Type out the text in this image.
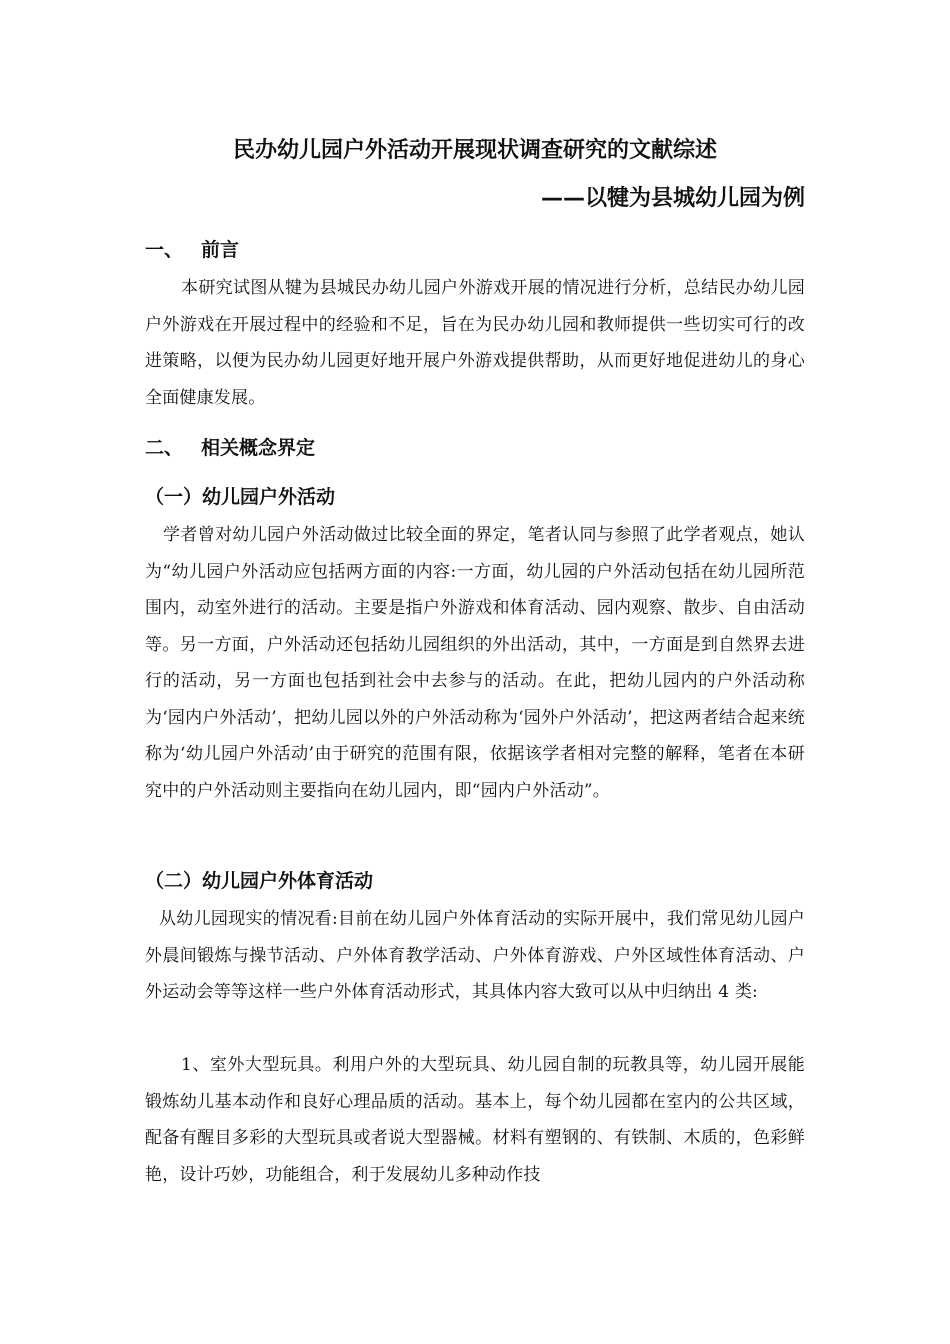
民办幼儿园户外活动开展现状调查研究的文献综述
——以犍为县城幼儿园为例
一、 前言

本研究试图从犍为县城民办幼儿园户外游戏开展的情况进行分析，总结民办幼儿园户外游戏在开展过程中的经验和不足，旨在为民办幼儿园和教师提供一些切实可行的改进策略，以便为民办幼儿园更好地开展户外游戏提供帮助，从而更好地促进幼儿的身心全面健康发展。

二、 相关概念界定
（一）幼儿园户外活动

学者曾对幼儿园户外活动做过比较全面的界定，笔者认同与参照了此学者观点，她认为“幼儿园户外活动应包括两方面的内容:一方面，幼儿园的户外活动包括在幼儿园所范围内，动室外进行的活动。主要是指户外游戏和体育活动、园内观察、散步、自由活动等。另一方面，户外活动还包括幼儿园组织的外出活动，其中，一方面是到自然界去进行的活动，另一方面也包括到社会中去参与的活动。在此，把幼儿园内的户外活动称为‘园内户外活动’，把幼儿园以外的户外活动称为‘园外户外活动’，把这两者结合起来统称为‘幼儿园户外活动’由于研究的范围有限，依据该学者相对完整的解释，笔者在本研究中的户外活动则主要指向在幼儿园内，即“园内户外活动”。

（二）幼儿园户外体育活动

从幼儿园现实的情况看:目前在幼儿园户外体育活动的实际开展中，我们常见幼儿园户外晨间锻炼与操节活动、户外体育教学活动、户外体育游戏、户外区域性体育活动、户外运动会等等这样一些户外体育活动形式，其具体内容大致可以从中归纳出 4 类:

1、室外大型玩具。利用户外的大型玩具、幼儿园自制的玩教具等，幼儿园开展能锻炼幼儿基本动作和良好心理品质的活动。基本上，每个幼儿园都在室内的公共区域，配备有醒目多彩的大型玩具或者说大型器械。材料有塑钢的、有铁制、木质的，色彩鲜艳，设计巧妙，功能组合，利于发展幼儿多种动作技
